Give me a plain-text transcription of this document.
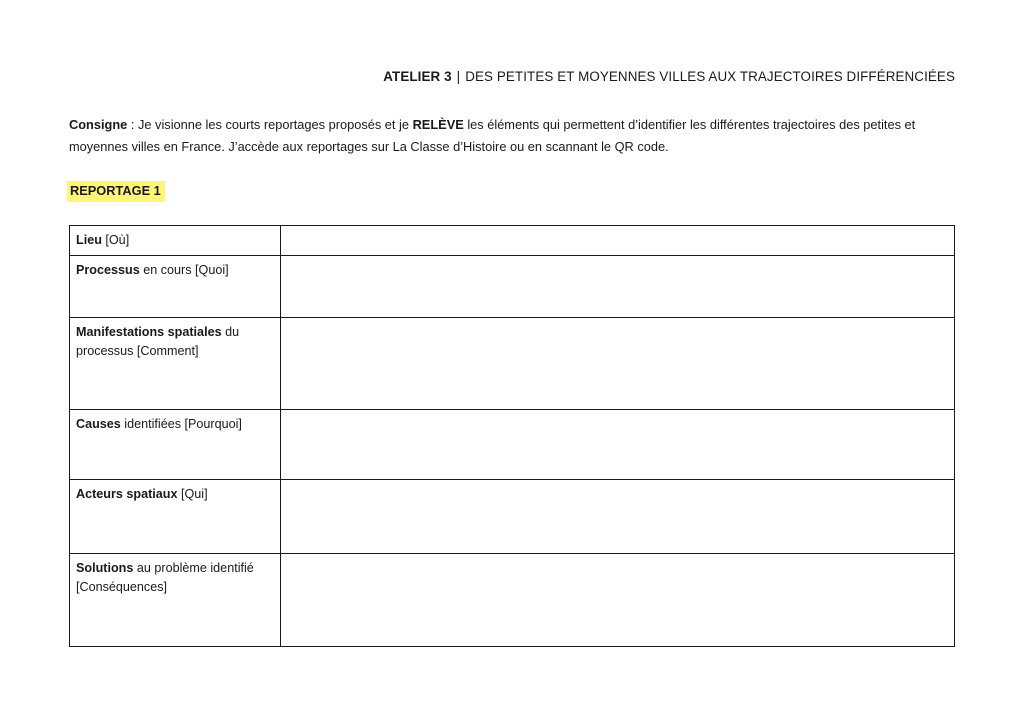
ATELIER 3 | DES PETITES ET MOYENNES VILLES AUX TRAJECTOIRES DIFFÉRENCIÉES
Consigne : Je visionne les courts reportages proposés et je RELÈVE les éléments qui permettent d’identifier les différentes trajectoires des petites et moyennes villes en France. J’accède aux reportages sur La Classe d’Histoire ou en scannant le QR code.
REPORTAGE 1
Lieu [Où]	
Processus en cours [Quoi]	
Manifestations spatiales du processus [Comment]	
Causes identifiées [Pourquoi]	
Acteurs spatiaux [Qui]	
Solutions au problème identifié [Conséquences]	
